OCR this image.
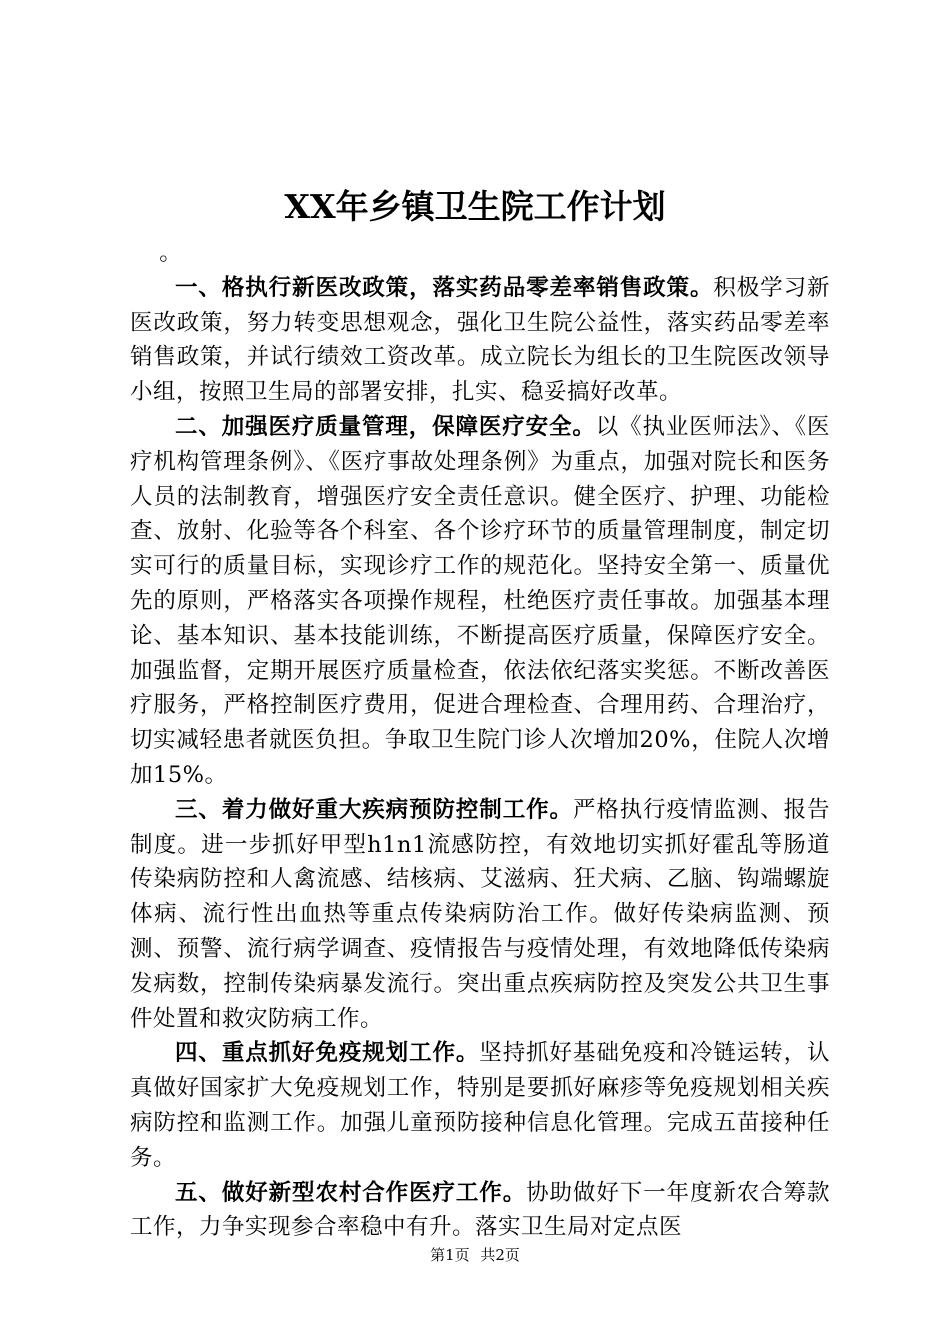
XX年乡镇卫生院工作计划

。

一、格执行新医改政策，落实药品零差率销售政策。积极学习新医改政策，努力转变思想观念，强化卫生院公益性，落实药品零差率销售政策，并试行绩效工资改革。成立院长为组长的卫生院医改领导小组，按照卫生局的部署安排，扎实、稳妥搞好改革。

二、加强医疗质量管理，保障医疗安全。以《执业医师法》、《医疗机构管理条例》、《医疗事故处理条例》为重点，加强对院长和医务人员的法制教育，增强医疗安全责任意识。健全医疗、护理、功能检查、放射、化验等各个科室、各个诊疗环节的质量管理制度，制定切实可行的质量目标，实现诊疗工作的规范化。坚持安全第一、质量优先的原则，严格落实各项操作规程，杜绝医疗责任事故。加强基本理论、基本知识、基本技能训练，不断提高医疗质量，保障医疗安全。加强监督，定期开展医疗质量检查，依法依纪落实奖惩。不断改善医疗服务，严格控制医疗费用，促进合理检查、合理用药、合理治疗，切实减轻患者就医负担。争取卫生院门诊人次增加20%，住院人次增加15%。

三、着力做好重大疾病预防控制工作。严格执行疫情监测、报告制度。进一步抓好甲型h1n1流感防控，有效地切实抓好霍乱等肠道传染病防控和人禽流感、结核病、艾滋病、狂犬病、乙脑、钩端螺旋体病、流行性出血热等重点传染病防治工作。做好传染病监测、预测、预警、流行病学调查、疫情报告与疫情处理，有效地降低传染病发病数，控制传染病暴发流行。突出重点疾病防控及突发公共卫生事件处置和救灾防病工作。

四、重点抓好免疫规划工作。坚持抓好基础免疫和冷链运转，认真做好国家扩大免疫规划工作，特别是要抓好麻疹等免疫规划相关疾病防控和监测工作。加强儿童预防接种信息化管理。完成五苗接种任务。

五、做好新型农村合作医疗工作。协助做好下一年度新农合筹款工作，力争实现参合率稳中有升。落实卫生局对定点医

第1页 共2页
